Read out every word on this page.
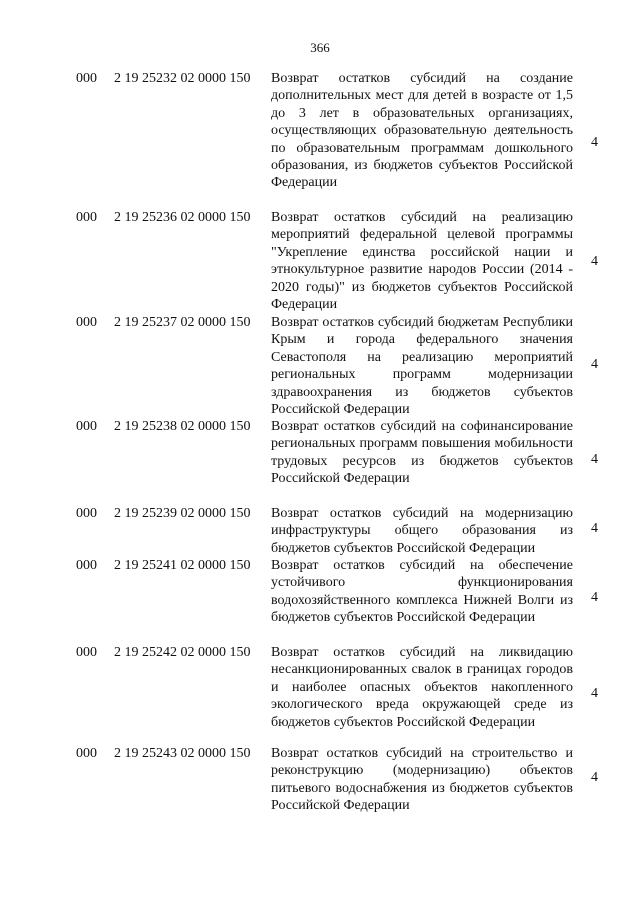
366
000 2 19 25232 02 0000 150 Возврат остатков субсидий на создание дополнительных мест для детей в возрасте от 1,5 до 3 лет в образовательных организациях, осуществляющих образовательную деятельность по образовательным программам дошкольного образования, из бюджетов субъектов Российской Федерации
4
000 2 19 25236 02 0000 150 Возврат остатков субсидий на реализацию мероприятий федеральной целевой программы "Укрепление единства российской нации и этнокультурное развитие народов России (2014 - 2020 годы)" из бюджетов субъектов Российской Федерации
4
000 2 19 25237 02 0000 150 Возврат остатков субсидий бюджетам Республики Крым и города федерального значения Севастополя на реализацию мероприятий региональных программ модернизации здравоохранения из бюджетов субъектов Российской Федерации
4
000 2 19 25238 02 0000 150 Возврат остатков субсидий на софинансирование региональных программ повышения мобильности трудовых ресурсов из бюджетов субъектов Российской Федерации
4
000 2 19 25239 02 0000 150 Возврат остатков субсидий на модернизацию инфраструктуры общего образования из бюджетов субъектов Российской Федерации
4
000 2 19 25241 02 0000 150 Возврат остатков субсидий на обеспечение устойчивого функционирования водохозяйственного комплекса Нижней Волги из бюджетов субъектов Российской Федерации
4
000 2 19 25242 02 0000 150 Возврат остатков субсидий на ликвидацию несанкционированных свалок в границах городов и наиболее опасных объектов накопленного экологического вреда окружающей среде из бюджетов субъектов Российской Федерации
4
000 2 19 25243 02 0000 150 Возврат остатков субсидий на строительство и реконструкцию (модернизацию) объектов питьевого водоснабжения из бюджетов субъектов Российской Федерации
4
